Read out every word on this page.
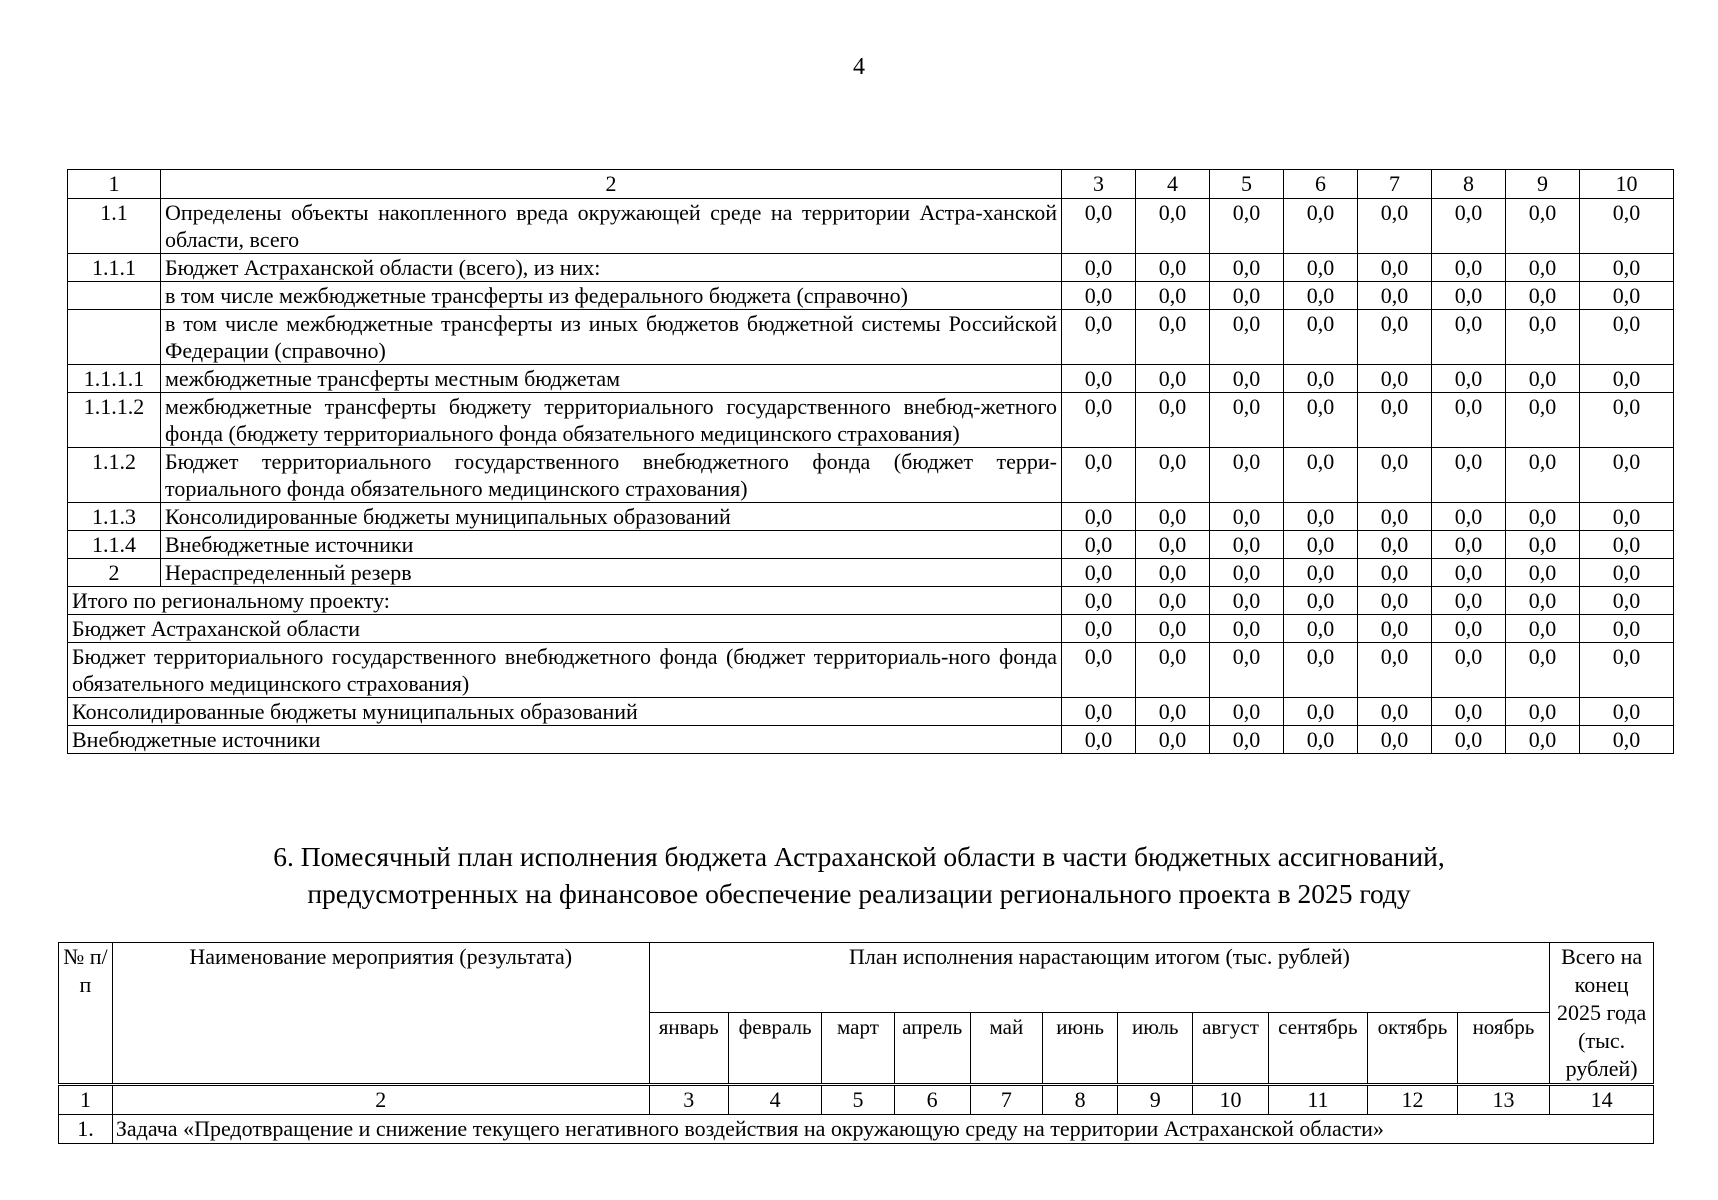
4
1	2	3	4	5	6	7	8	9	10
1.1	Определены объекты накопленного вреда окружающей среде на территории Астра-ханской области, всего	0,0	0,0	0,0	0,0	0,0	0,0	0,0	0,0
1.1.1	Бюджет Астраханской области (всего), из них:	0,0	0,0	0,0	0,0	0,0	0,0	0,0	0,0
	в том числе межбюджетные трансферты из федерального бюджета (справочно)	0,0	0,0	0,0	0,0	0,0	0,0	0,0	0,0
	в том числе межбюджетные трансферты из иных бюджетов бюджетной системы Российской Федерации (справочно)	0,0	0,0	0,0	0,0	0,0	0,0	0,0	0,0
1.1.1.1	межбюджетные трансферты местным бюджетам	0,0	0,0	0,0	0,0	0,0	0,0	0,0	0,0
1.1.1.2	межбюджетные трансферты бюджету территориального государственного внебюд-жетного фонда (бюджету территориального фонда обязательного медицинского страхования)	0,0	0,0	0,0	0,0	0,0	0,0	0,0	0,0
1.1.2	Бюджет территориального государственного внебюджетного фонда (бюджет терри-ториального фонда обязательного медицинского страхования)	0,0	0,0	0,0	0,0	0,0	0,0	0,0	0,0
1.1.3	Консолидированные бюджеты муниципальных образований	0,0	0,0	0,0	0,0	0,0	0,0	0,0	0,0
1.1.4	Внебюджетные источники	0,0	0,0	0,0	0,0	0,0	0,0	0,0	0,0
2	Нераспределенный резерв	0,0	0,0	0,0	0,0	0,0	0,0	0,0	0,0
Итого по региональному проекту:		0,0	0,0	0,0	0,0	0,0	0,0	0,0	0,0
Бюджет Астраханской области		0,0	0,0	0,0	0,0	0,0	0,0	0,0	0,0
Бюджет территориального государственного внебюджетного фонда (бюджет территориаль-ного фонда обязательного медицинского страхования)		0,0	0,0	0,0	0,0	0,0	0,0	0,0	0,0
Консолидированные бюджеты муниципальных образований		0,0	0,0	0,0	0,0	0,0	0,0	0,0	0,0
Внебюджетные источники		0,0	0,0	0,0	0,0	0,0	0,0	0,0	0,0
6. Помесячный план исполнения бюджета Астраханской области в части бюджетных ассигнований,
предусмотренных на финансовое обеспечение реализации регионального проекта в 2025 году
№ п/п	Наименование мероприятия (результата)	План исполнения нарастающим итогом (тыс. рублей)											Всего на конец 2025 года (тыс. рублей)
		январь	февраль	март	апрель	май	июнь	июль	август	сентябрь	октябрь	ноябрь	
1	2	3	4	5	6	7	8	9	10	11	12	13	14
1.	Задача «Предотвращение и снижение текущего негативного воздействия на окружающую среду на территории Астраханской области»												
